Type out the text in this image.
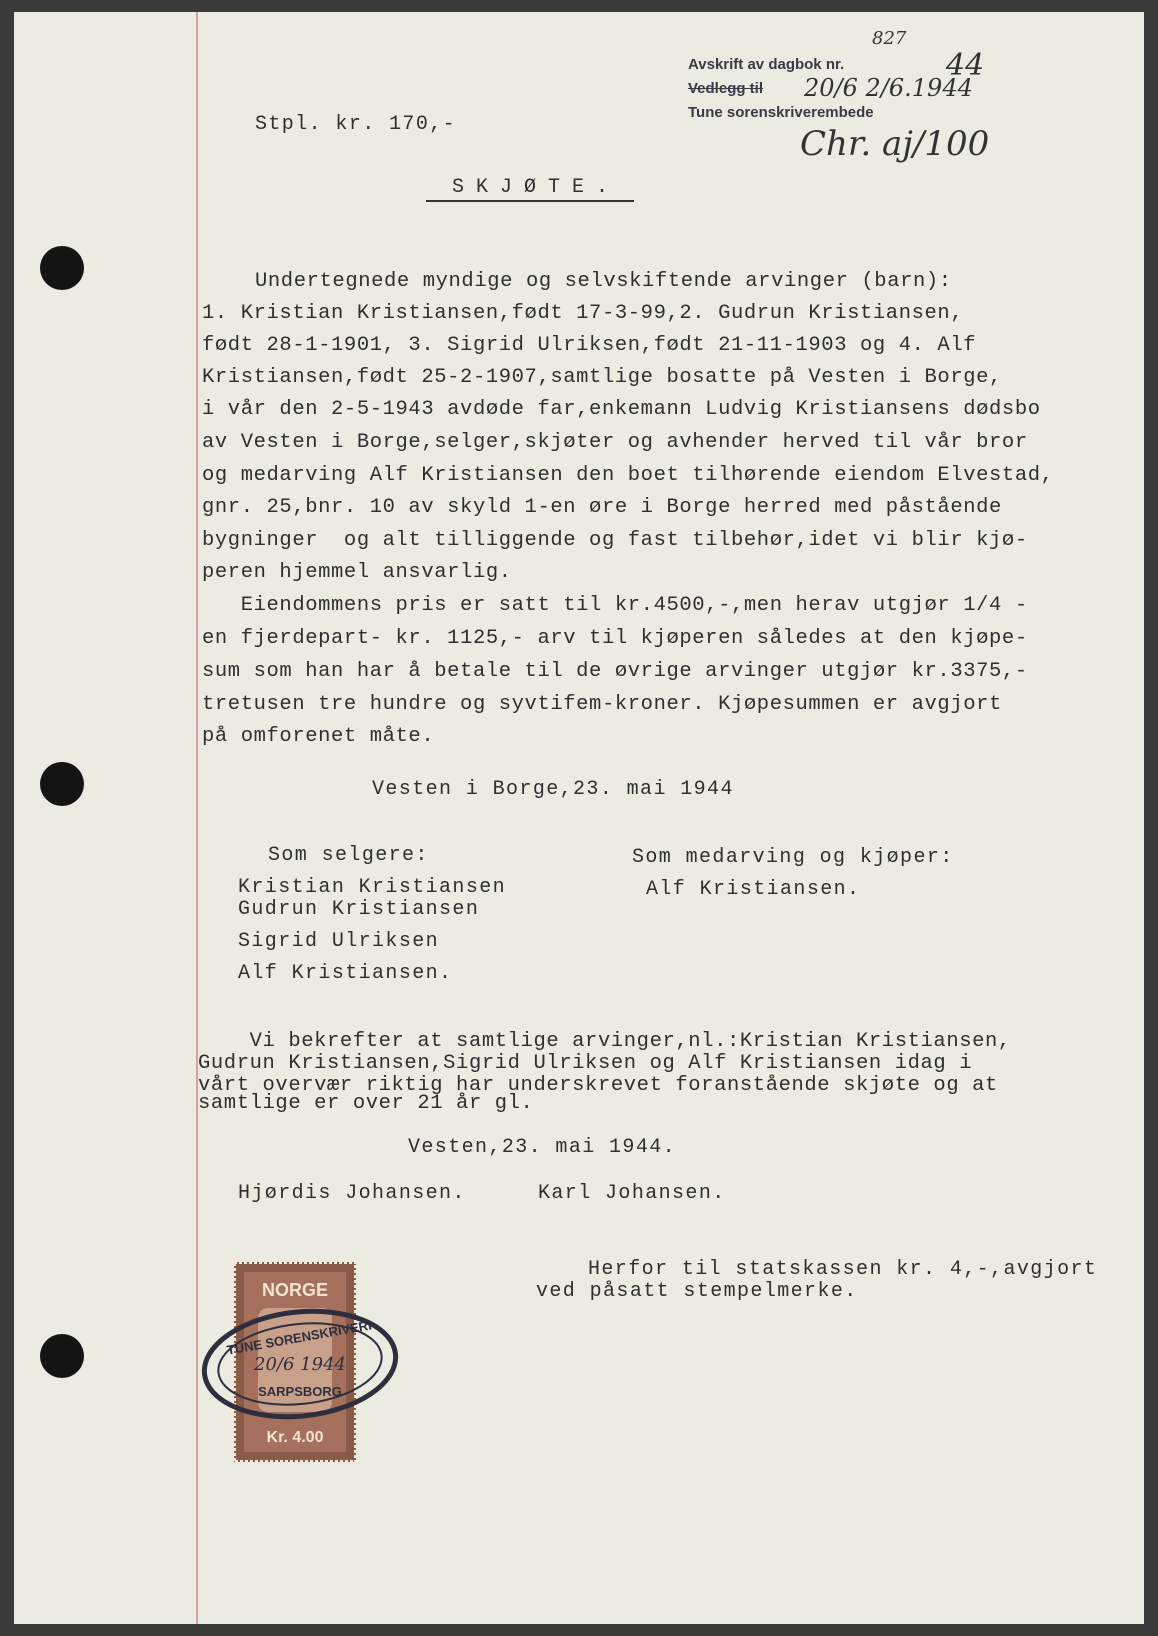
Avskrift av dagbok nr.
Vedlegg til
Tune sorenskriverembede
827
44
20/6 2/6.1944
Chr. aj/100
Stpl. kr. 170,-
SKJØTE.
Undertegnede myndige og selvskiftende arvinger (barn):
1. Kristian Kristiansen,født 17-3-99,2. Gudrun Kristiansen,
født 28-1-1901, 3. Sigrid Ulriksen,født 21-11-1903 og 4. Alf
Kristiansen,født 25-2-1907,samtlige bosatte på Vesten i Borge,
i vår den 2-5-1943 avdøde far,enkemann Ludvig Kristiansens dødsbo
av Vesten i Borge,selger,skjøter og avhender herved til vår bror
og medarving Alf Kristiansen den boet tilhørende eiendom Elvestad,
gnr. 25,bnr. 10 av skyld 1-en øre i Borge herred med påstående
bygninger  og alt tilliggende og fast tilbehør,idet vi blir kjø-
peren hjemmel ansvarlig.
Eiendommens pris er satt til kr.4500,-,men herav utgjør 1/4 -
en fjerdepart- kr. 1125,- arv til kjøperen således at den kjøpe-
sum som han har å betale til de øvrige arvinger utgjør kr.3375,-
tretusen tre hundre og syvtifem-kroner. Kjøpesummen er avgjort
på omforenet måte.
Vesten i Borge,23. mai 1944
Som selgere:
Kristian Kristiansen
Gudrun Kristiansen
Sigrid Ulriksen
Alf Kristiansen.
Som medarving og kjøper:
Alf Kristiansen.
Vi bekrefter at samtlige arvinger,nl.:Kristian Kristiansen,
Gudrun Kristiansen,Sigrid Ulriksen og Alf Kristiansen idag i
vårt overvær riktig har underskrevet foranstående skjøte og at
samtlige er over 21 år gl.
Vesten,23. mai 1944.
Hjørdis Johansen.	Karl Johansen.
Herfor til statskassen kr. 4,-,avgjort
ved påsatt stempelmerke.
NORGE
Kr. 4.00
TUNE SORENSKRIVERI
20/6 1944
SARPSBORG
